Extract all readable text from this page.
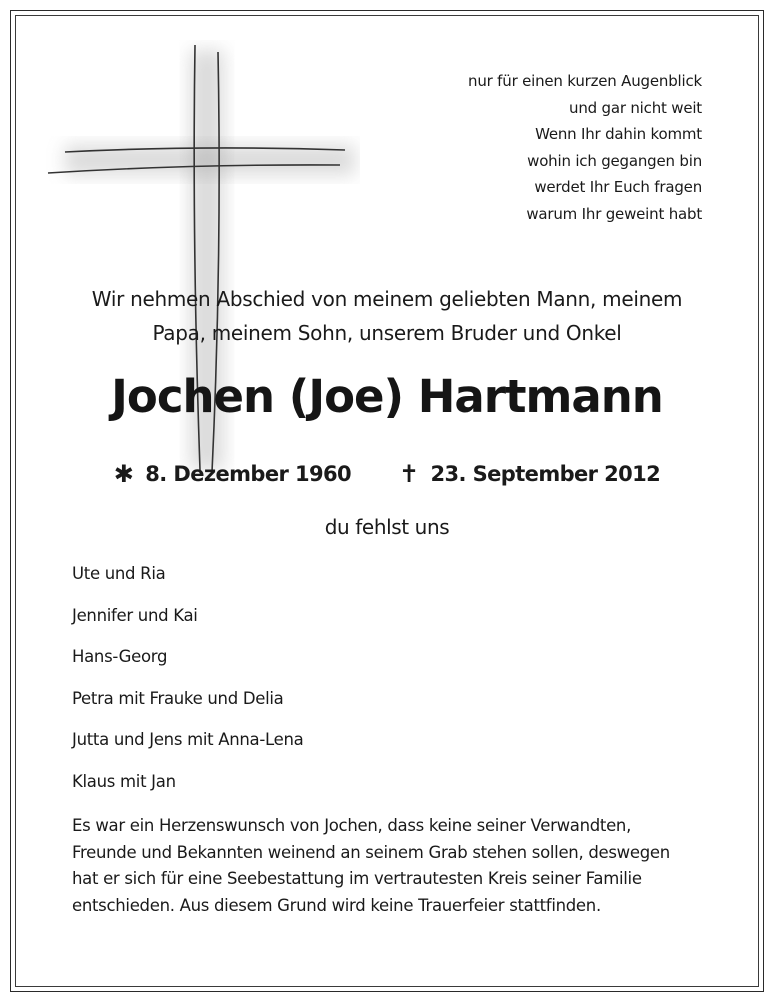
nur für einen kurzen Augenblick
und gar nicht weit
Wenn Ihr dahin kommt
wohin ich gegangen bin
werdet Ihr Euch fragen
warum Ihr geweint habt
Wir nehmen Abschied von meinem geliebten Mann, meinem
Papa, meinem Sohn, unserem Bruder und Onkel
Jochen (Joe) Hartmann
✱ 8. Dezember 1960 ✝ 23. September 2012
du fehlst uns
Ute und Ria
Jennifer und Kai
Hans-Georg
Petra mit Frauke und Delia
Jutta und Jens mit Anna-Lena
Klaus mit Jan
Es war ein Herzenswunsch von Jochen, dass keine seiner Verwandten,
Freunde und Bekannten weinend an seinem Grab stehen sollen, deswegen
hat er sich für eine Seebestattung im vertrautesten Kreis seiner Familie
entschieden. Aus diesem Grund wird keine Trauerfeier stattfinden.
